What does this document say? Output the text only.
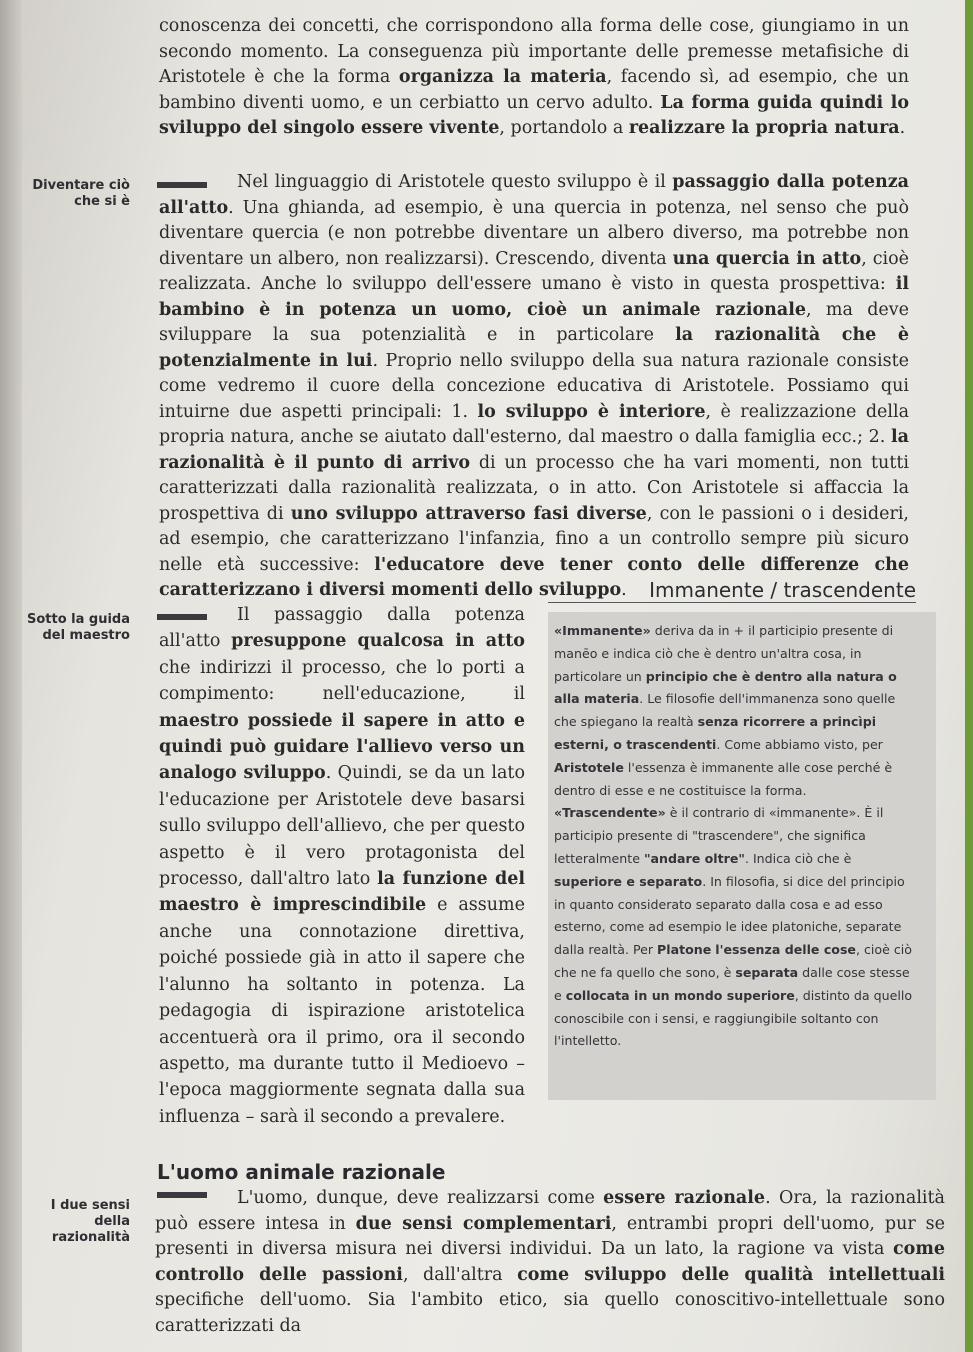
conoscenza dei concetti, che corrispondono alla forma delle cose, giungiamo in un secondo momento. La conseguenza più importante delle premesse metafisiche di Aristotele è che la forma organizza la materia, facendo sì, ad esempio, che un bambino diventi uomo, e un cerbiatto un cervo adulto. La forma guida quindi lo sviluppo del singolo essere vivente, portandolo a realizzare la propria natura.

Diventare ciò che si è

Nel linguaggio di Aristotele questo sviluppo è il passaggio dalla potenza all'atto. Una ghianda, ad esempio, è una quercia in potenza, nel senso che può diventare quercia (e non potrebbe diventare un albero diverso, ma potrebbe non diventare un albero, non realizzarsi). Crescendo, diventa una quercia in atto, cioè realizzata. Anche lo sviluppo dell'essere umano è visto in questa prospettiva: il bambino è in potenza un uomo, cioè un animale razionale, ma deve sviluppare la sua potenzialità e in particolare la razionalità che è potenzialmente in lui. Proprio nello sviluppo della sua natura razionale consiste come vedremo il cuore della concezione educativa di Aristotele. Possiamo qui intuirne due aspetti principali: 1. lo sviluppo è interiore, è realizzazione della propria natura, anche se aiutato dall'esterno, dal maestro o dalla famiglia ecc.; 2. la razionalità è il punto di arrivo di un processo che ha vari momenti, non tutti caratterizzati dalla razionalità realizzata, o in atto. Con Aristotele si affaccia la prospettiva di uno sviluppo attraverso fasi diverse, con le passioni o i desideri, ad esempio, che caratterizzano l'infanzia, fino a un controllo sempre più sicuro nelle età successive: l'educatore deve tener conto delle differenze che caratterizzano i diversi momenti dello sviluppo.

Sotto la guida del maestro

Il passaggio dalla potenza all'atto presuppone qualcosa in atto che indirizzi il processo, che lo porti a compimento: nell'educazione, il maestro possiede il sapere in atto e quindi può guidare l'allievo verso un analogo sviluppo. Quindi, se da un lato l'educazione per Aristotele deve basarsi sullo sviluppo dell'allievo, che per questo aspetto è il vero protagonista del processo, dall'altro lato la funzione del maestro è imprescindibile e assume anche una connotazione direttiva, poiché possiede già in atto il sapere che l'alunno ha soltanto in potenza. La pedagogia di ispirazione aristotelica accentuerà ora il primo, ora il secondo aspetto, ma durante tutto il Medioevo – l'epoca maggiormente segnata dalla sua influenza – sarà il secondo a prevalere.

Immanente / trascendente

«Immanente» deriva da in + il participio presente di manēo e indica ciò che è dentro un'altra cosa, in particolare un principio che è dentro alla natura o alla materia. Le filosofie dell'immanenza sono quelle che spiegano la realtà senza ricorrere a princìpi esterni, o trascendenti. Come abbiamo visto, per Aristotele l'essenza è immanente alle cose perché è dentro di esse e ne costituisce la forma.

«Trascendente» è il contrario di «immanente». È il participio presente di "trascendere", che significa letteralmente "andare oltre". Indica ciò che è superiore e separato. In filosofia, si dice del principio in quanto considerato separato dalla cosa e ad esso esterno, come ad esempio le idee platoniche, separate dalla realtà. Per Platone l'essenza delle cose, cioè ciò che ne fa quello che sono, è separata dalle cose stesse e collocata in un mondo superiore, distinto da quello conoscibile con i sensi, e raggiungibile soltanto con l'intelletto.

L'uomo animale razionale
I due sensi della razionalità

L'uomo, dunque, deve realizzarsi come essere razionale. Ora, la razionalità può essere intesa in due sensi complementari, entrambi propri dell'uomo, pur se presenti in diversa misura nei diversi individui. Da un lato, la ragione va vista come controllo delle passioni, dall'altra come sviluppo delle qualità intellettuali specifiche dell'uomo. Sia l'ambito etico, sia quello conoscitivo-intellettuale sono caratterizzati da
